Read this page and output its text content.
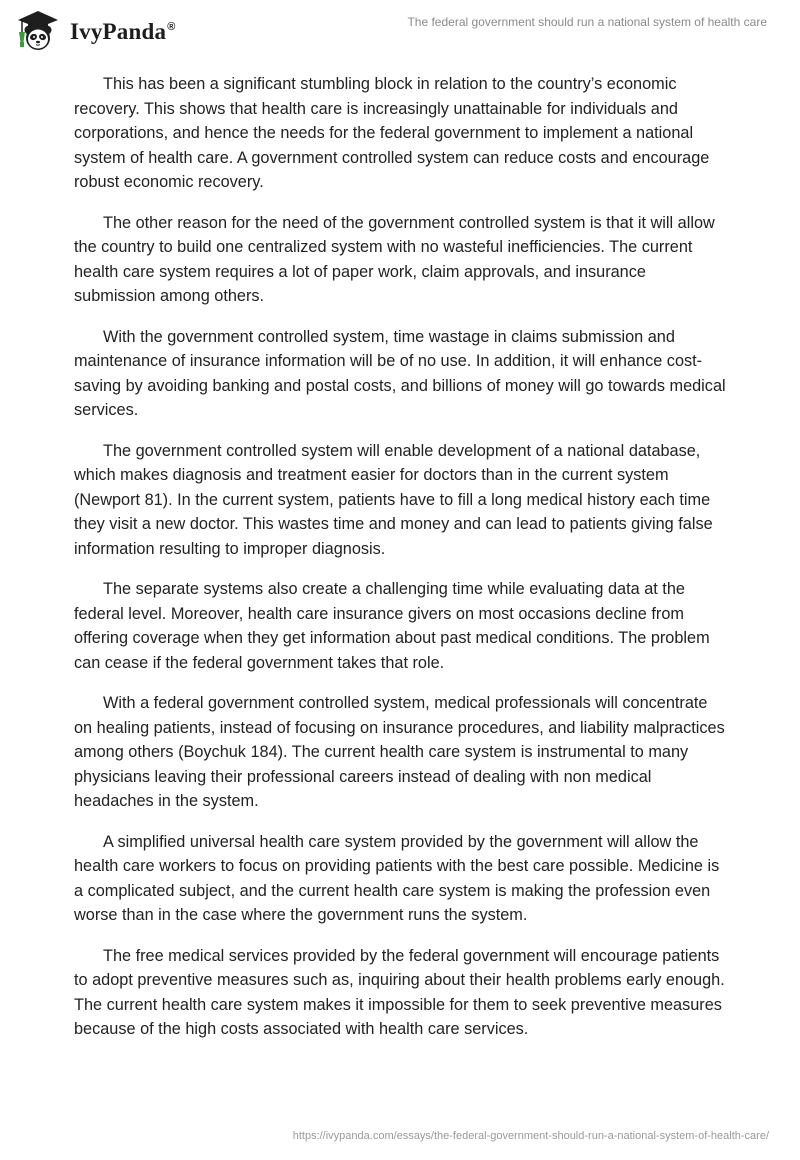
IvyPanda®	The federal government should run a national system of health care

This has been a significant stumbling block in relation to the country’s economic recovery. This shows that health care is increasingly unattainable for individuals and corporations, and hence the needs for the federal government to implement a national system of health care. A government controlled system can reduce costs and encourage robust economic recovery.

The other reason for the need of the government controlled system is that it will allow the country to build one centralized system with no wasteful inefficiencies. The current health care system requires a lot of paper work, claim approvals, and insurance submission among others.

With the government controlled system, time wastage in claims submission and maintenance of insurance information will be of no use. In addition, it will enhance cost-saving by avoiding banking and postal costs, and billions of money will go towards medical services.

The government controlled system will enable development of a national database, which makes diagnosis and treatment easier for doctors than in the current system (Newport 81). In the current system, patients have to fill a long medical history each time they visit a new doctor. This wastes time and money and can lead to patients giving false information resulting to improper diagnosis.

The separate systems also create a challenging time while evaluating data at the federal level. Moreover, health care insurance givers on most occasions decline from offering coverage when they get information about past medical conditions. The problem can cease if the federal government takes that role.

With a federal government controlled system, medical professionals will concentrate on healing patients, instead of focusing on insurance procedures, and liability malpractices among others (Boychuk 184). The current health care system is instrumental to many physicians leaving their professional careers instead of dealing with non medical headaches in the system.

A simplified universal health care system provided by the government will allow the health care workers to focus on providing patients with the best care possible. Medicine is a complicated subject, and the current health care system is making the profession even worse than in the case where the government runs the system.

The free medical services provided by the federal government will encourage patients to adopt preventive measures such as, inquiring about their health problems early enough. The current health care system makes it impossible for them to seek preventive measures because of the high costs associated with health care services.

https://ivypanda.com/essays/the-federal-government-should-run-a-national-system-of-health-care/
